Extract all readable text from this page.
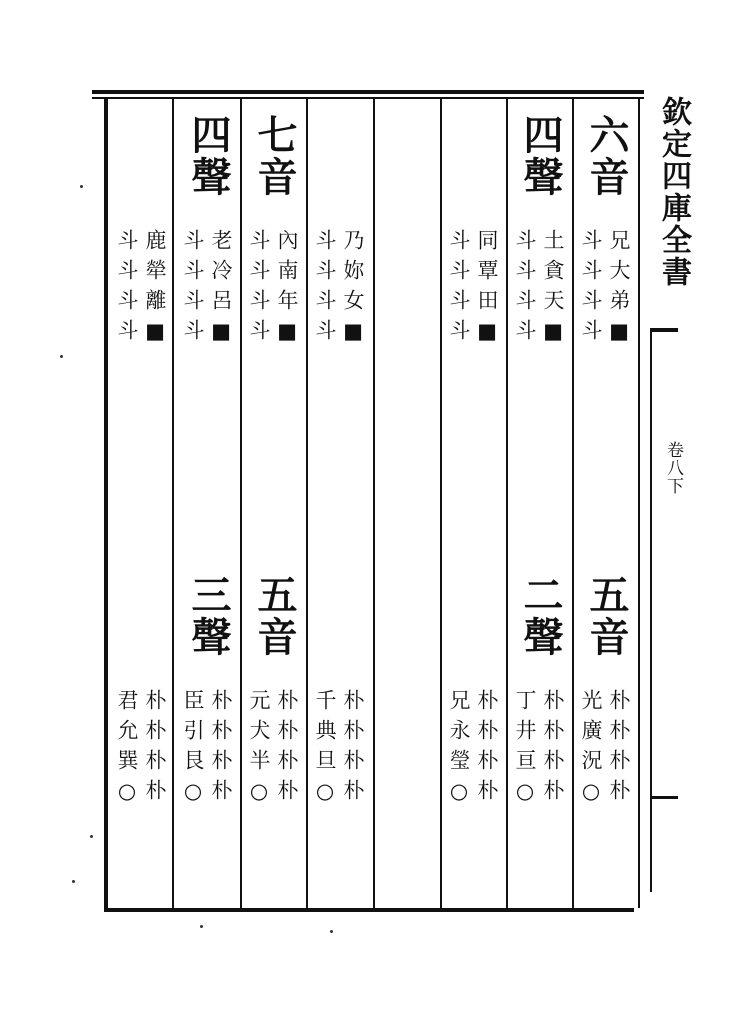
欽定四庫全書
卷八下
六音
兄大弟■
斗斗斗斗
五音
朴朴朴朴
光廣況○
四聲
土貪天■
斗斗斗斗
二聲
朴朴朴朴
丁井亘○
同覃田■
斗斗斗斗
朴朴朴朴
兄永瑩○
乃妳女■
斗斗斗斗
朴朴朴朴
千典旦○
七音
內南年■
斗斗斗斗
五音
朴朴朴朴
元犬半○
四聲
老冷呂■
斗斗斗斗
三聲
朴朴朴朴
臣引艮○
鹿犖離■
斗斗斗斗
朴朴朴朴
君允巽○
